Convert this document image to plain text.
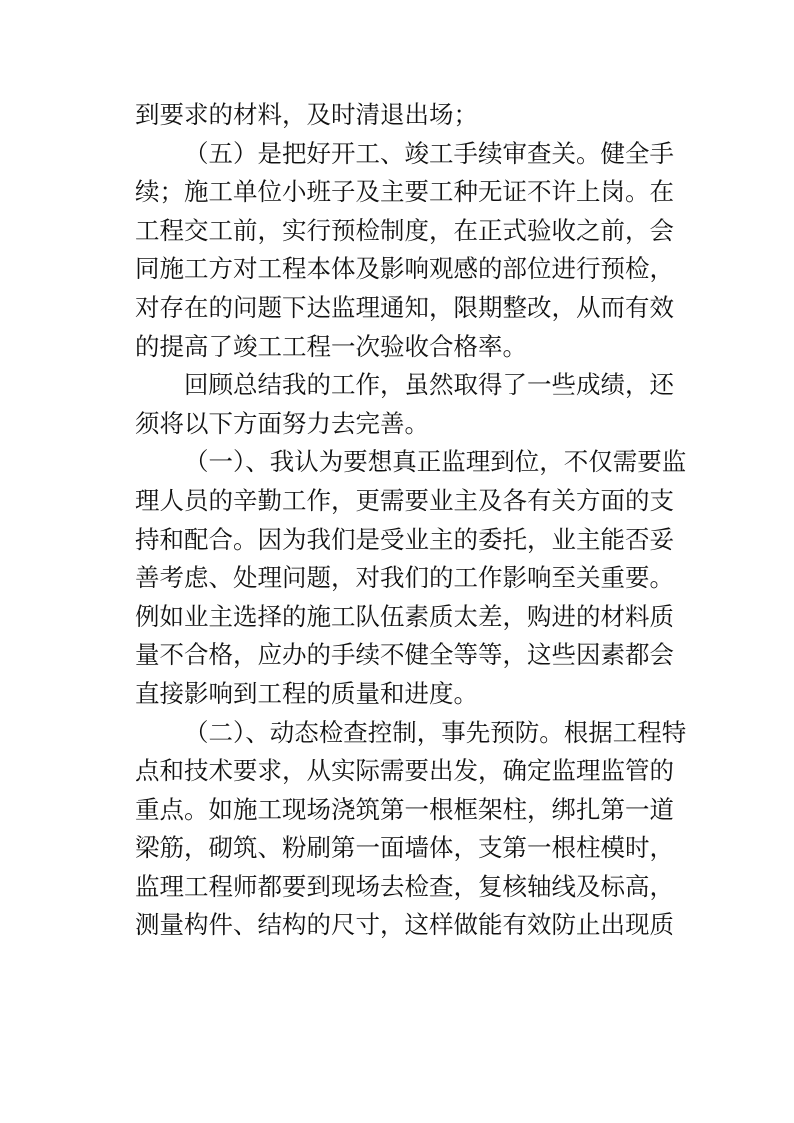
到要求的材料，及时清退出场；

（五）是把好开工、竣工手续审查关。健全手

续；施工单位小班子及主要工种无证不许上岗。在

工程交工前，实行预检制度，在正式验收之前，会

同施工方对工程本体及影响观感的部位进行预检，

对存在的问题下达监理通知，限期整改，从而有效

的提高了竣工工程一次验收合格率。

回顾总结我的工作，虽然取得了一些成绩，还

须将以下方面努力去完善。

（一）、我认为要想真正监理到位，不仅需要监

理人员的辛勤工作，更需要业主及各有关方面的支

持和配合。因为我们是受业主的委托，业主能否妥

善考虑、处理问题，对我们的工作影响至关重要。

例如业主选择的施工队伍素质太差，购进的材料质

量不合格，应办的手续不健全等等，这些因素都会

直接影响到工程的质量和进度。

（二）、动态检查控制，事先预防。根据工程特

点和技术要求，从实际需要出发，确定监理监管的

重点。如施工现场浇筑第一根框架柱，绑扎第一道

梁筋，砌筑、粉刷第一面墙体，支第一根柱模时，

监理工程师都要到现场去检查，复核轴线及标高，

测量构件、结构的尺寸，这样做能有效防止出现质
